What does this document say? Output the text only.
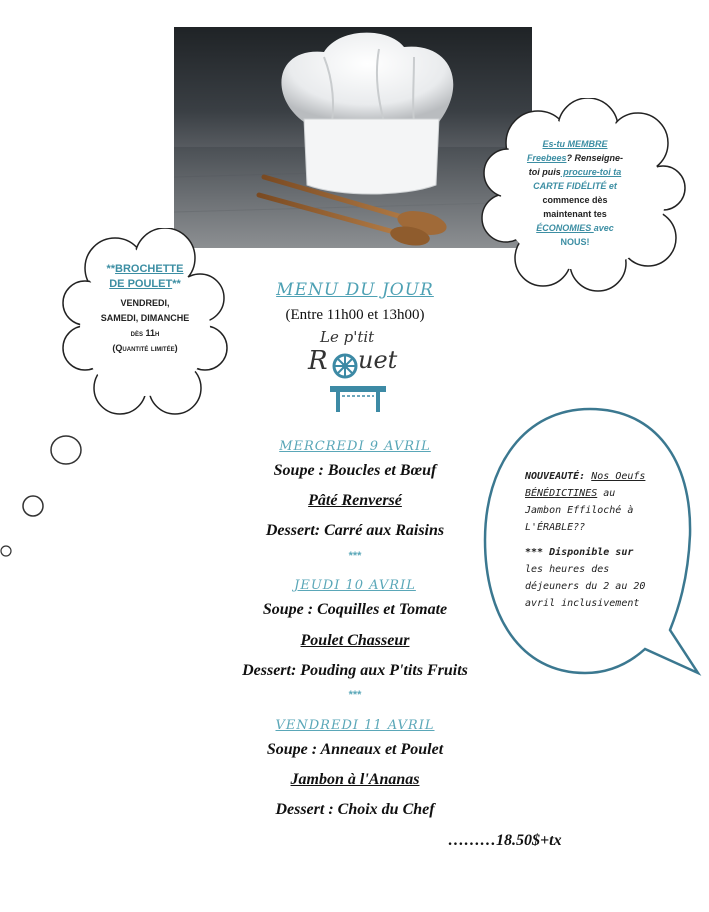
Es-tu MEMBRE
Freebees? Renseigne-
toi puis procure-toi ta
CARTE FIDÉLITÉ et
commence dès
maintenant tes
ÉCONOMIES avec
NOUS!
**BROCHETTE
DE POULET**
VENDREDI,
SAMEDI, DIMANCHE
dès 11h
(Quantité limitée)
MENU DU JOUR
(Entre 11h00 et 13h00)
Le p'tit
R uet
MERCREDI 9 AVRIL
Soupe : Boucles et Bœuf
Pâté Renversé
Dessert: Carré aux Raisins
***
JEUDI 10 AVRIL
Soupe : Coquilles et Tomate
Poulet Chasseur
Dessert: Pouding aux P'tits Fruits
***
VENDREDI 11 AVRIL
Soupe : Anneaux et Poulet
Jambon à l'Ananas
Dessert : Choix du Chef
………18.50$+tx
NOUVEAUTÉ: Nos Oeufs
BÉNÉDICTINES au
Jambon Effiloché à
L'ÉRABLE??
*** Disponible sur
les heures des
déjeuners du 2 au 20
avril inclusivement
